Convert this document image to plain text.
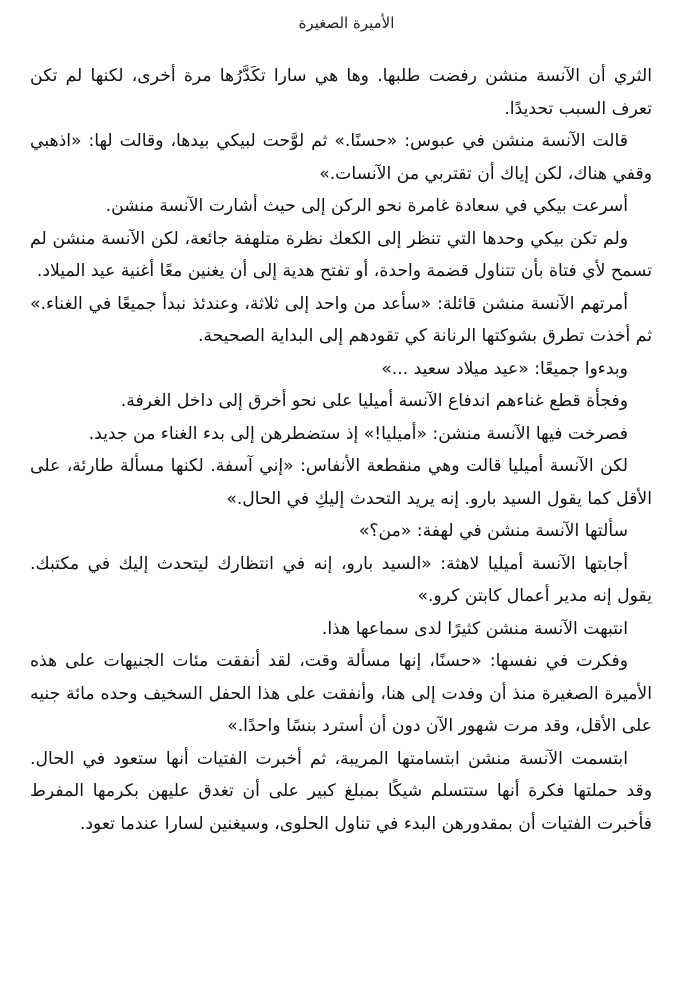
الأميرة الصغيرة

الثري أن الآنسة منشن رفضت طلبها. وها هي سارا تكَدَّرُها مرة أخرى، لكنها لم تكن تعرف السبب تحديدًا.

قالت الآنسة منشن في عبوس: «حسنًا.» ثم لوَّحت لبيكي بيدها، وقالت لها: «اذهبي وقفي هناك، لكن إياك أن تقتربي من الآنسات.»

أسرعت بيكي في سعادة غامرة نحو الركن إلى حيث أشارت الآنسة منشن.

ولم تكن بيكي وحدها التي تنظر إلى الكعك نظرة متلهفة جائعة، لكن الآنسة منشن لم تسمح لأي فتاة بأن تتناول قضمة واحدة، أو تفتح هدية إلى أن يغنين معًا أغنية عيد الميلاد.

أمرتهم الآنسة منشن قائلة: «سأعد من واحد إلى ثلاثة، وعندئذ نبدأ جميعًا في الغناء.» ثم أخذت تطرق بشوكتها الرنانة كي تقودهم إلى البداية الصحيحة.

وبدءوا جميعًا: «عيد ميلاد سعيد ...»

وفجأة قطع غناءهم اندفاع الآنسة أميليا على نحو أخرق إلى داخل الغرفة.

فصرخت فيها الآنسة منشن: «أميليا!» إذ ستضطرهن إلى بدء الغناء من جديد.

لكن الآنسة أميليا قالت وهي منقطعة الأنفاس: «إني آسفة. لكنها مسألة طارئة، على الأقل كما يقول السيد بارو. إنه يريد التحدث إليكِ في الحال.»

سألتها الآنسة منشن في لهفة: «من؟»

أجابتها الآنسة أميليا لاهثة: «السيد بارو، إنه في انتظارك ليتحدث إليك في مكتبك. يقول إنه مدير أعمال كابتن كرو.»

انتبهت الآنسة منشن كثيرًا لدى سماعها هذا.

وفكرت في نفسها: «حسنًا، إنها مسألة وقت، لقد أنفقت مئات الجنيهات على هذه الأميرة الصغيرة منذ أن وفدت إلى هنا، وأنفقت على هذا الحفل السخيف وحده مائة جنيه على الأقل، وقد مرت شهور الآن دون أن أسترد بنسًا واحدًا.»

ابتسمت الآنسة منشن ابتسامتها المريبة، ثم أخبرت الفتيات أنها ستعود في الحال. وقد حملتها فكرة أنها ستتسلم شيكًا بمبلغ كبير على أن تغدق عليهن بكرمها المفرط فأخبرت الفتيات أن بمقدورهن البدء في تناول الحلوى، وسيغنين لسارا عندما تعود.
